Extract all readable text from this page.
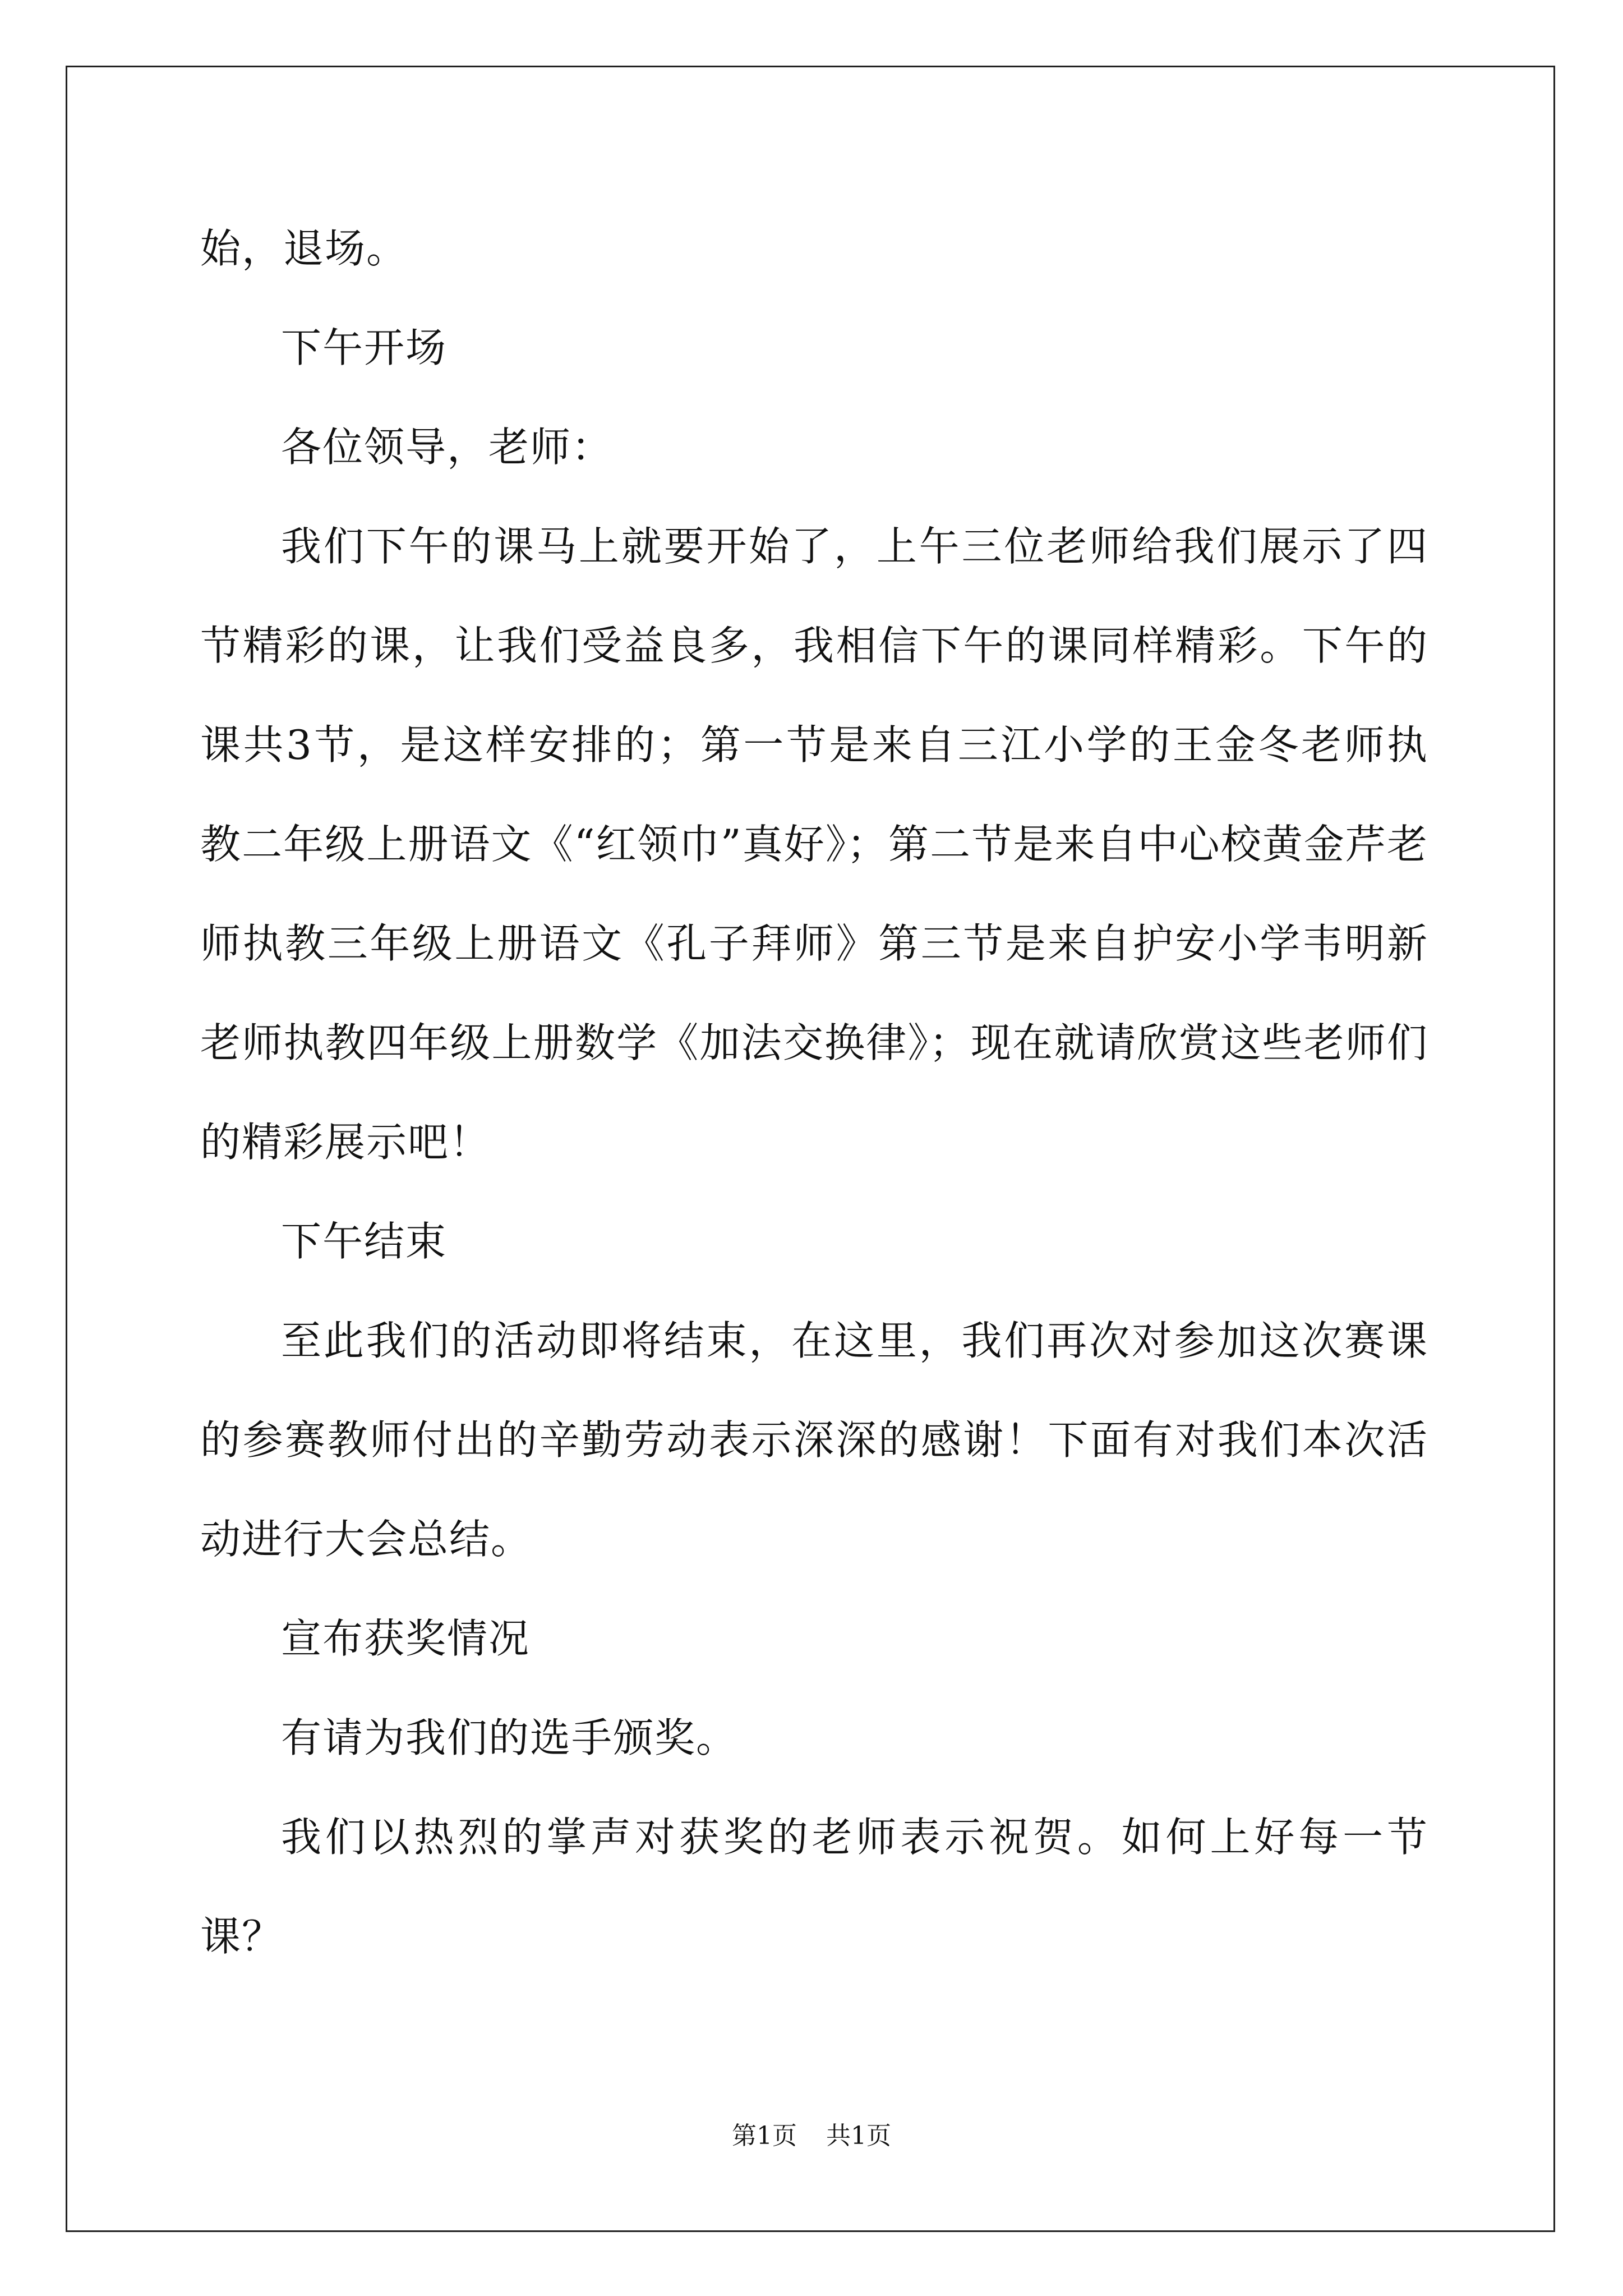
始，退场。

下午开场

各位领导，老师：

我们下午的课马上就要开始了，上午三位老师给我们展示了四节精彩的课，让我们受益良多，我相信下午的课同样精彩。下午的课共3节，是这样安排的；第一节是来自三江小学的王金冬老师执教二年级上册语文《“红领巾”真好》；第二节是来自中心校黄金芹老师执教三年级上册语文《孔子拜师》第三节是来自护安小学韦明新老师执教四年级上册数学《加法交换律》；现在就请欣赏这些老师们的精彩展示吧！

下午结束

至此我们的活动即将结束，在这里，我们再次对参加这次赛课的参赛教师付出的辛勤劳动表示深深的感谢！下面有对我们本次活动进行大会总结。

宣布获奖情况

有请为我们的选手颁奖。

我们以热烈的掌声对获奖的老师表示祝贺。如何上好每一节课？

第1页 共1页
